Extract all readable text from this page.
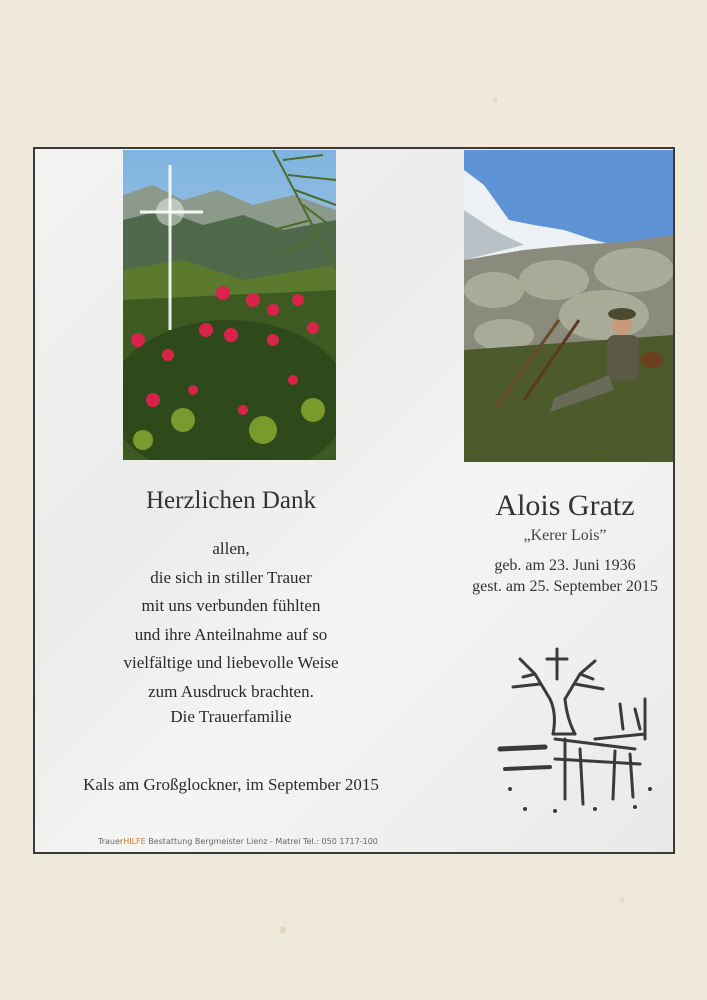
Herzlichen Dank
allen,
die sich in stiller Trauer
mit uns verbunden fühlten
und ihre Anteilnahme auf so
vielfältige und liebevolle Weise
zum Ausdruck brachten.
Die Trauerfamilie
Kals am Großglockner, im September 2015
TrauerHILFE Bestattung Bergmeister Lienz - Matrei Tel.: 050 1717-100
Alois Gratz
„Kerer Lois”
geb. am 23. Juni 1936
gest. am 25. September 2015
